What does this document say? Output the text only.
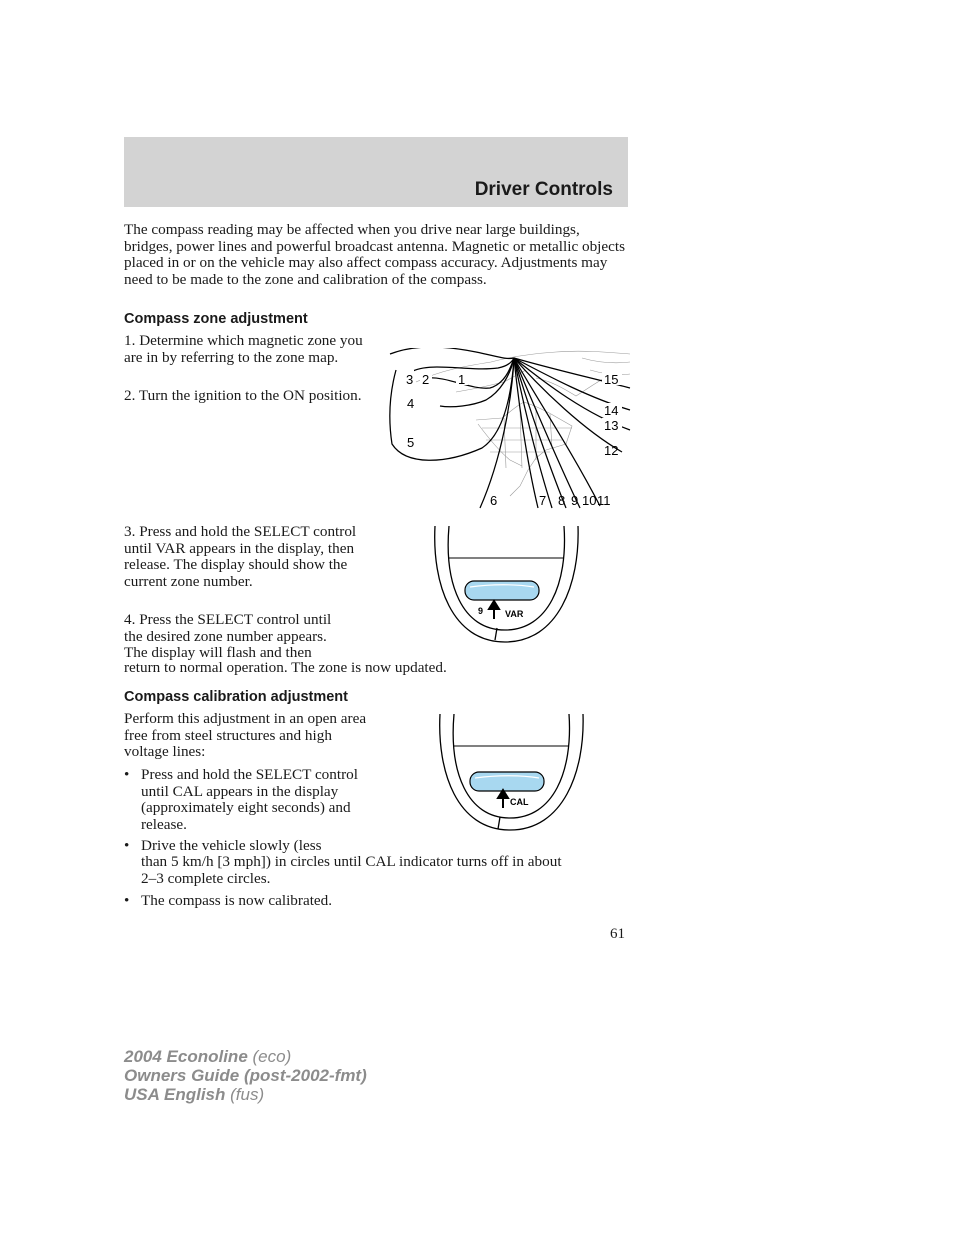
Driver Controls

The compass reading may be affected when you drive near large buildings, bridges, power lines and powerful broadcast antenna. Magnetic or metallic objects placed in or on the vehicle may also affect compass accuracy. Adjustments may need to be made to the zone and calibration of the compass.

Compass zone adjustment

1. Determine which magnetic zone you are in by referring to the zone map.

2. Turn the ignition to the ON position.

3 2 1
4
5
6	7 8 9 10 11
12
13
14
15

3. Press and hold the SELECT control until VAR appears in the display, then release. The display should show the current zone number.

4. Press the SELECT control until
the desired zone number appears.
The display will flash and then
return to normal operation. The zone is now updated.
9 VAR
Compass calibration adjustment

Perform this adjustment in an open area free from steel structures and high voltage lines:

• Press and hold the SELECT control until CAL appears in the display (approximately eight seconds) and release.
• Drive the vehicle slowly (less
than 5 km/h [3 mph]) in circles until CAL indicator turns off in about
2–3 complete circles.
• The compass is now calibrated.
CAL
61
2004 Econoline (eco)
Owners Guide (post-2002-fmt)
USA English (fus)
